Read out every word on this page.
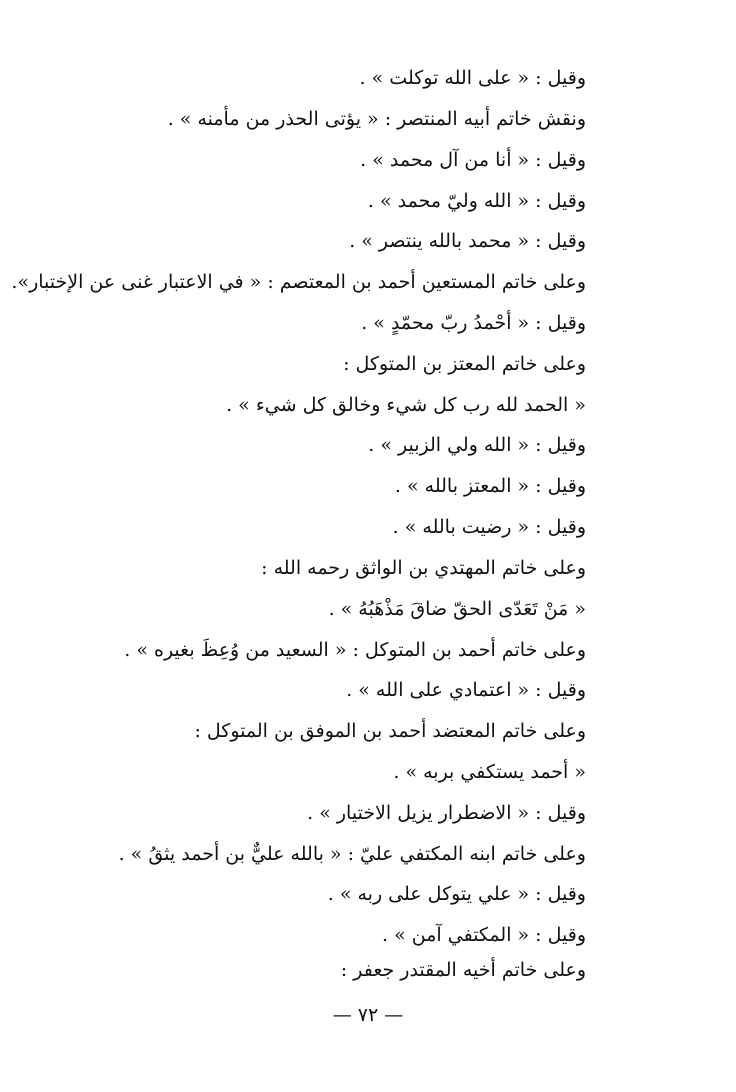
وقيل : « على الله توكلت » .
ونقش خاتم أبيه المنتصر : « يؤتى الحذر من مأمنه » .
وقيل : « أنا من آل محمد » .
وقيل : « الله وليّ محمد » .
وقيل : « محمد بالله ينتصر » .
وعلى خاتم المستعين أحمد بن المعتصم : « في الاعتبار غنى عن الإختبار».
وقيل : « أحْمدُ ربّ محمّدٍ » .
وعلى خاتم المعتز بن المتوكل :
« الحمد لله رب كل شيء وخالق كل شيء » .
وقيل : « الله ولي الزبير » .
وقيل : « المعتز بالله » .
وقيل : « رضيت بالله » .
وعلى خاتم المهتدي بن الواثق رحمه الله :
« مَنْ تَعَدّى الحقّ ضاقَ مَذْهَبُهُ » .
وعلى خاتم أحمد بن المتوكل : « السعيد من وُعِظَ بغيره » .
وقيل : « اعتمادي على الله » .
وعلى خاتم المعتضد أحمد بن الموفق بن المتوكل :
« أحمد يستكفي بربه » .
وقيل : « الاضطرار يزيل الاختيار » .
وعلى خاتم ابنه المكتفي عليّ : « بالله عليٌّ بن أحمد يثقُ » .
وقيل : « علي يتوكل على ربه » .
وقيل : « المكتفي آمن » .
وعلى خاتم أخيه المقتدر جعفر :
— ٧٢ —
